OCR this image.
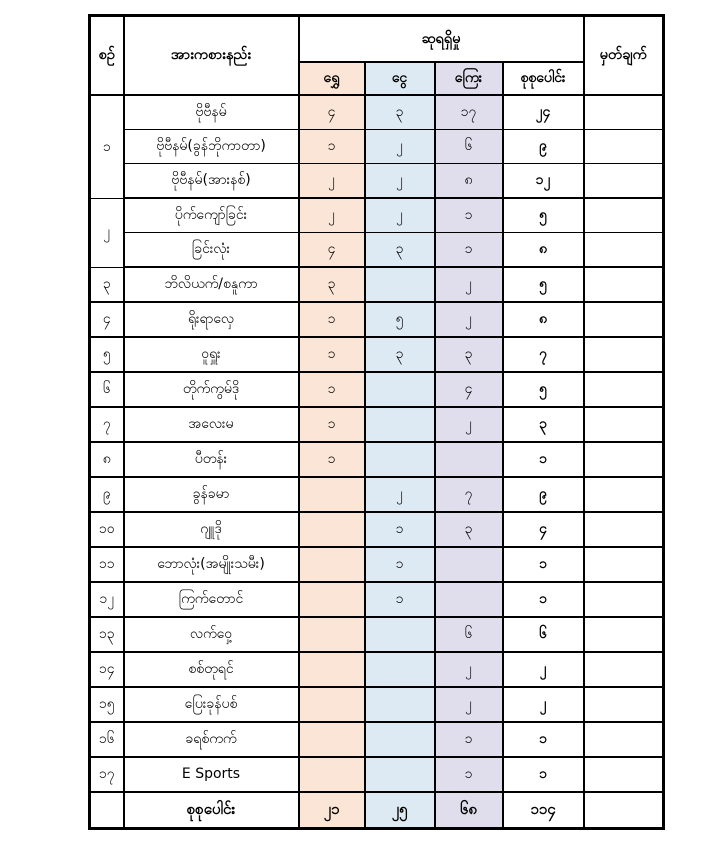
စဉ်	အားကစားနည်း	ဆုရရှိမှု				မှတ်ချက်
		ရွှေ	ငွေ	ကြေး	စုစုပေါင်း	
၁	ဗိုဗီနမ်	၄	၃	၁၇	၂၄	
	ဗိုဗီနမ်(ခွန်ဘိုကာတာ)	၁	၂	၆	၉	
	ဗိုဗီနမ်(အားနစ်)	၂	၂	၈	၁၂	
၂	ပိုက်ကျော်ခြင်း	၂	၂	၁	၅	
	ခြင်းလုံး	၄	၃	၁	၈	
၃	ဘိလိယက်/စနူကာ	၃		၂	၅	
၄	ရိုးရာလှေ	၁	၅	၂	၈	
၅	ဝူရှူး	၁	၃	၃	၇	
၆	တိုက်ကွမ်ဒို	၁		၄	၅	
၇	အလေးမ	၁		၂	၃	
၈	ပီတန်း	၁			၁	
၉	ခွန်ခမာ		၂	၇	၉	
၁၀	ဂျူဒို		၁	၃	၄	
၁၁	ဘောလုံး(အမျိုးသမီး)		၁		၁	
၁၂	ကြက်တောင်		၁		၁	
၁၃	လက်ဝှေ့			၆	၆	
၁၄	စစ်တုရင်			၂	၂	
၁၅	ပြေးခုန်ပစ်			၂	၂	
၁၆	ခရစ်ကက်			၁	၁	
၁၇	E Sports			၁	၁	
	စုစုပေါင်း	၂၁	၂၅	၆၈	၁၁၄	
